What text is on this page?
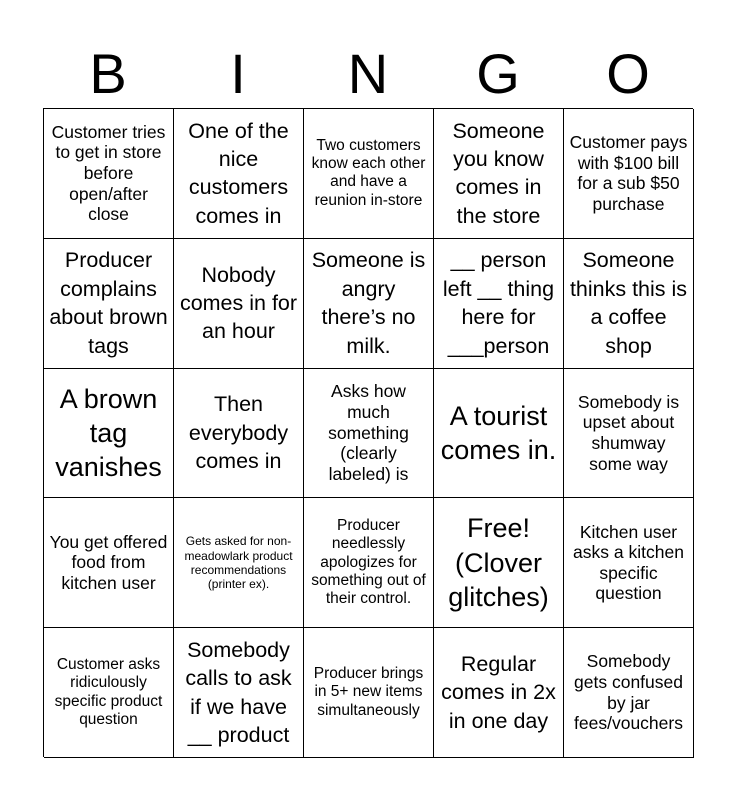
B	I	N	G	O
Customer tries to get in store before open/after close
One of the nice customers comes in
Two customers know each other and have a reunion in-store
Someone you know comes in the store
Customer pays with $100 bill for a sub $50 purchase
Producer complains about brown tags
Nobody comes in for an hour
Someone is angry there’s no milk.
__ person left __ thing here for ___person
Someone thinks this is a coffee shop
A brown tag vanishes
Then everybody comes in
Asks how much something (clearly labeled) is
A tourist comes in.
Somebody is upset about shumway some way
You get offered food from kitchen user
Gets asked for non-meadowlark product recommendations (printer ex).
Producer needlessly apologizes for something out of their control.
Free! (Clover glitches)
Kitchen user asks a kitchen specific question
Customer asks ridiculously specific product question
Somebody calls to ask if we have __ product
Producer brings in 5+ new items simultaneously
Regular comes in 2x in one day
Somebody gets confused by jar fees/vouchers
